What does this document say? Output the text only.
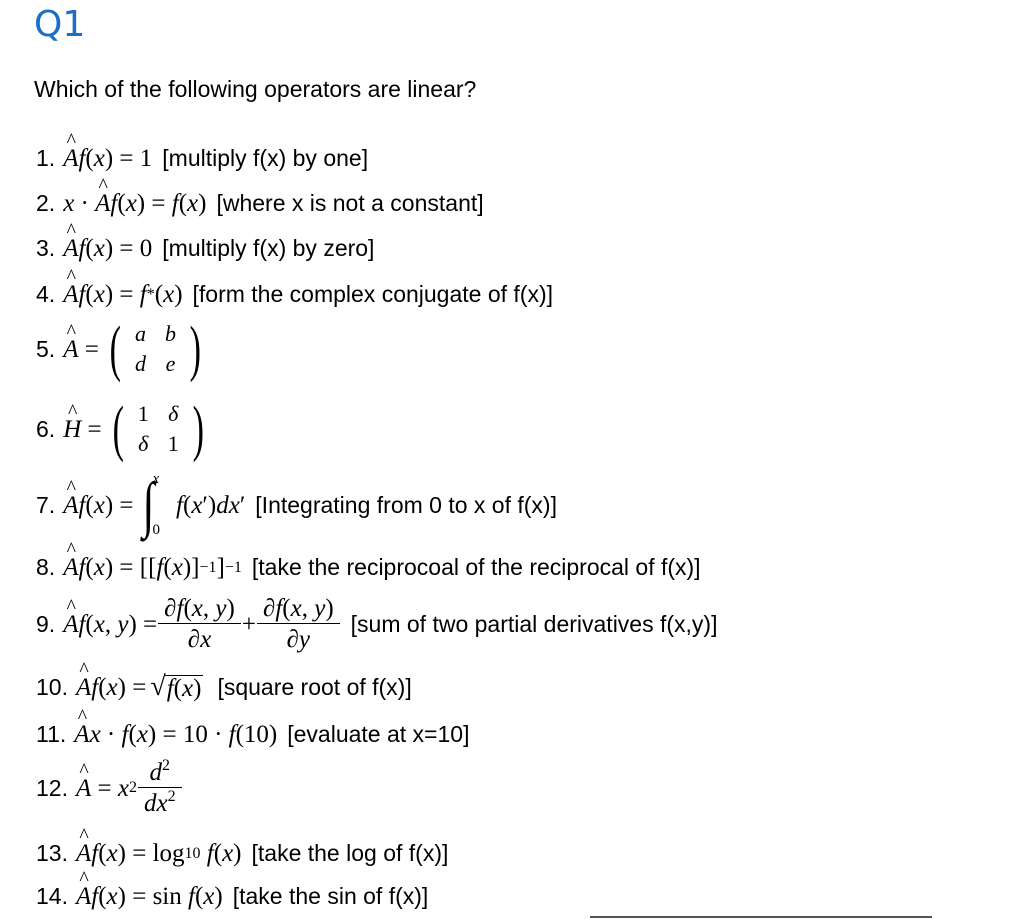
Q1
Which of the following operators are linear?
1. ^ A f ( x ) = 1 [multiply f(x) by one]
2. x · ^ A f ( x ) = f ( x ) [where x is not a constant]
3. ^ A f ( x ) = 0 [multiply f(x) by zero]
4. ^ A f ( x ) = f * ( x ) [form the complex conjugate of f(x)]
5. ^ A = ( a b
d e )
6. ^ H = ( 1 δ
δ 1 )
7. ^ A f ( x ) = ∫
x
0
f ( x ′) dx ′ [Integrating from 0 to x of f(x)]
8. ^ A f ( x ) = [[ f ( x )] −1 ] −1 [take the reciprocoal of the reciprocal of f(x)]
9. ^ A f ( x , y ) = $\frac{\partial f(x, y)}{\partial x} + \frac{\partial f(x, y)}{\partial y} [sum$ of two partial derivatives f(x,y)]
10. ^ A f ( x ) = √ f(x) [square root of f(x)]
11. ^ A x · f ( x ) = 10 · f (10) [evaluate at x=10]
12. ^ A = x $2 \frac{d^2}{dx^2}$
13. ^ A f ( x ) = log 10
f ( x ) [take the log of f(x)]
14. ^ A f ( x ) = sin f ( x ) [take the sin of f(x)]
